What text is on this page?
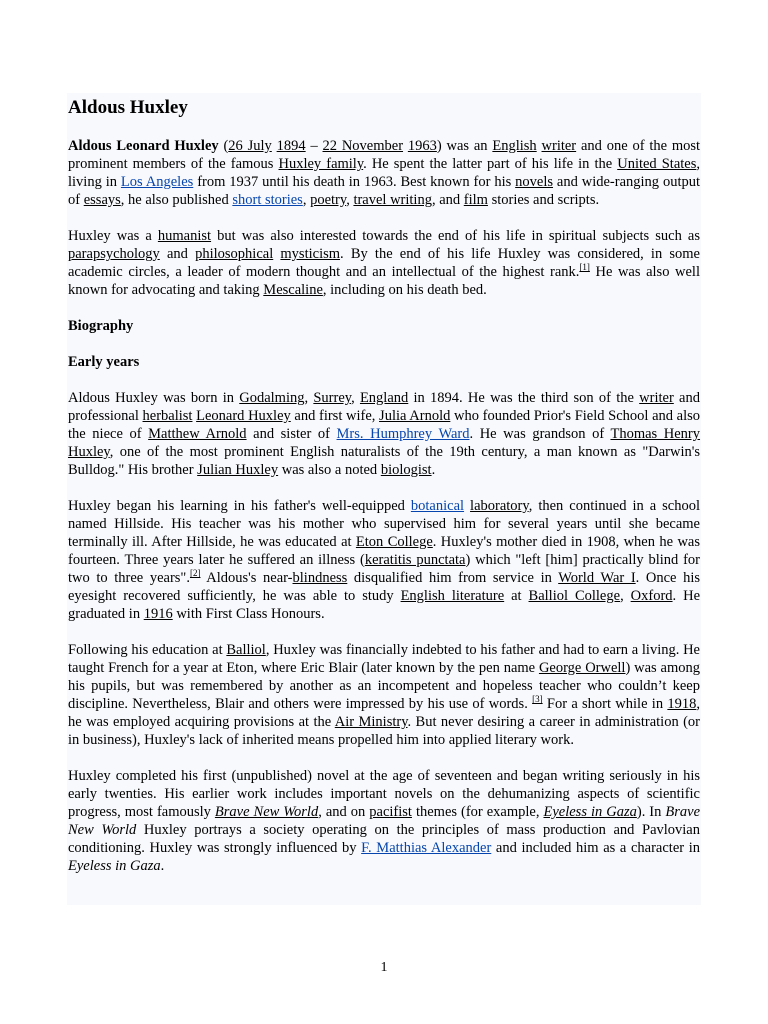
Aldous Huxley

Aldous Leonard Huxley (26 July 1894 – 22 November 1963) was an English writer and one of the most prominent members of the famous Huxley family. He spent the latter part of his life in the United States, living in Los Angeles from 1937 until his death in 1963. Best known for his novels and wide-ranging output of essays, he also published short stories, poetry, travel writing, and film stories and scripts.

Huxley was a humanist but was also interested towards the end of his life in spiritual subjects such as parapsychology and philosophical mysticism. By the end of his life Huxley was considered, in some academic circles, a leader of modern thought and an intellectual of the highest rank.[1] He was also well known for advocating and taking Mescaline, including on his death bed.

Biography
Early years

Aldous Huxley was born in Godalming, Surrey, England in 1894. He was the third son of the writer and professional herbalist Leonard Huxley and first wife, Julia Arnold who founded Prior's Field School and also the niece of Matthew Arnold and sister of Mrs. Humphrey Ward. He was grandson of Thomas Henry Huxley, one of the most prominent English naturalists of the 19th century, a man known as "Darwin's Bulldog." His brother Julian Huxley was also a noted biologist.

Huxley began his learning in his father's well-equipped botanical laboratory, then continued in a school named Hillside. His teacher was his mother who supervised him for several years until she became terminally ill. After Hillside, he was educated at Eton College. Huxley's mother died in 1908, when he was fourteen. Three years later he suffered an illness (keratitis punctata) which "left [him] practically blind for two to three years".[2] Aldous's near-blindness disqualified him from service in World War I. Once his eyesight recovered sufficiently, he was able to study English literature at Balliol College, Oxford. He graduated in 1916 with First Class Honours.

Following his education at Balliol, Huxley was financially indebted to his father and had to earn a living. He taught French for a year at Eton, where Eric Blair (later known by the pen name George Orwell) was among his pupils, but was remembered by another as an incompetent and hopeless teacher who couldn’t keep discipline. Nevertheless, Blair and others were impressed by his use of words. [3] For a short while in 1918, he was employed acquiring provisions at the Air Ministry. But never desiring a career in administration (or in business), Huxley's lack of inherited means propelled him into applied literary work.

Huxley completed his first (unpublished) novel at the age of seventeen and began writing seriously in his early twenties. His earlier work includes important novels on the dehumanizing aspects of scientific progress, most famously Brave New World, and on pacifist themes (for example, Eyeless in Gaza). In Brave New World Huxley portrays a society operating on the principles of mass production and Pavlovian conditioning. Huxley was strongly influenced by F. Matthias Alexander and included him as a character in Eyeless in Gaza.

1
